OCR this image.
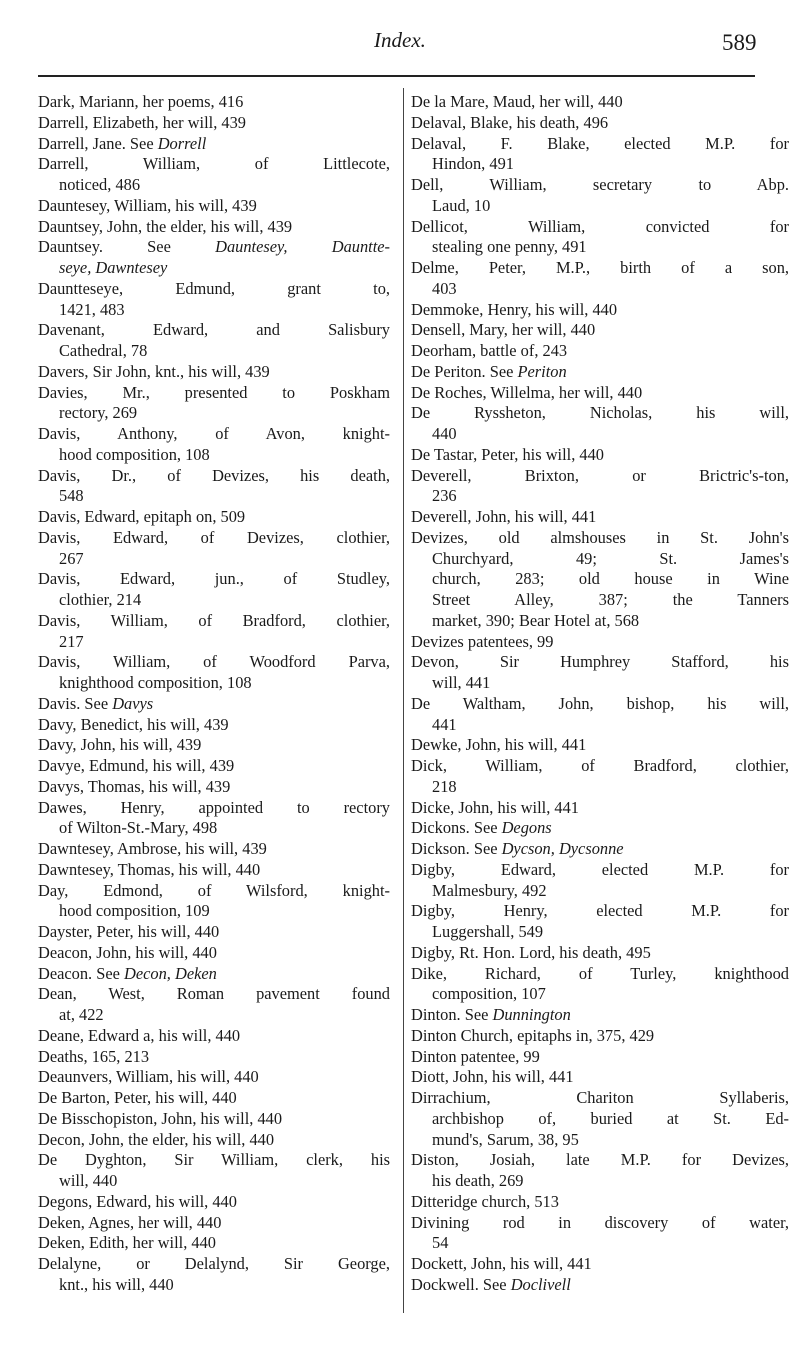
Index.	589
Dark, Mariann, her poems, 416
Darrell, Elizabeth, her will, 439
Darrell, Jane. See Dorrell
Darrell, William, of Littlecote,
noticed, 486
Dauntesey, William, his will, 439
Dauntsey, John, the elder, his will, 439
Dauntsey. See Dauntesey, Dauntte-
seye, Dawntesey
Dauntteseye, Edmund, grant to,
1421, 483
Davenant, Edward, and Salisbury
Cathedral, 78
Davers, Sir John, knt., his will, 439
Davies, Mr., presented to Poskham
rectory, 269
Davis, Anthony, of Avon, knight-
hood composition, 108
Davis, Dr., of Devizes, his death,
548
Davis, Edward, epitaph on, 509
Davis, Edward, of Devizes, clothier,
267
Davis, Edward, jun., of Studley,
clothier, 214
Davis, William, of Bradford, clothier,
217
Davis, William, of Woodford Parva,
knighthood composition, 108
Davis. See Davys
Davy, Benedict, his will, 439
Davy, John, his will, 439
Davye, Edmund, his will, 439
Davys, Thomas, his will, 439
Dawes, Henry, appointed to rectory
of Wilton-St.-Mary, 498
Dawntesey, Ambrose, his will, 439
Dawntesey, Thomas, his will, 440
Day, Edmond, of Wilsford, knight-
hood composition, 109
Dayster, Peter, his will, 440
Deacon, John, his will, 440
Deacon. See Decon, Deken
Dean, West, Roman pavement found
at, 422
Deane, Edward a, his will, 440
Deaths, 165, 213
Deaunvers, William, his will, 440
De Barton, Peter, his will, 440
De Bisschopiston, John, his will, 440
Decon, John, the elder, his will, 440
De Dyghton, Sir William, clerk, his
will, 440
Degons, Edward, his will, 440
Deken, Agnes, her will, 440
Deken, Edith, her will, 440
Delalyne, or Delalynd, Sir George,
knt., his will, 440
De la Mare, Maud, her will, 440
Delaval, Blake, his death, 496
Delaval, F. Blake, elected M.P. for
Hindon, 491
Dell, William, secretary to Abp.
Laud, 10
Dellicot, William, convicted for
stealing one penny, 491
Delme, Peter, M.P., birth of a son,
403
Demmoke, Henry, his will, 440
Densell, Mary, her will, 440
Deorham, battle of, 243
De Periton. See Periton
De Roches, Willelma, her will, 440
De Ryssheton, Nicholas, his will,
440
De Tastar, Peter, his will, 440
Deverell, Brixton, or Brictric's-ton,
236
Deverell, John, his will, 441
Devizes, old almshouses in St. John's
Churchyard, 49; St. James's
church, 283; old house in Wine
Street Alley, 387; the Tanners
market, 390; Bear Hotel at, 568
Devizes patentees, 99
Devon, Sir Humphrey Stafford, his
will, 441
De Waltham, John, bishop, his will,
441
Dewke, John, his will, 441
Dick, William, of Bradford, clothier,
218
Dicke, John, his will, 441
Dickons. See Degons
Dickson. See Dycson, Dycsonne
Digby, Edward, elected M.P. for
Malmesbury, 492
Digby, Henry, elected M.P. for
Luggershall, 549
Digby, Rt. Hon. Lord, his death, 495
Dike, Richard, of Turley, knighthood
composition, 107
Dinton. See Dunnington
Dinton Church, epitaphs in, 375, 429
Dinton patentee, 99
Diott, John, his will, 441
Dirrachium, Chariton Syllaberis,
archbishop of, buried at St. Ed-
mund's, Sarum, 38, 95
Diston, Josiah, late M.P. for Devizes,
his death, 269
Ditteridge church, 513
Divining rod in discovery of water,
54
Dockett, John, his will, 441
Dockwell. See Doclivell
